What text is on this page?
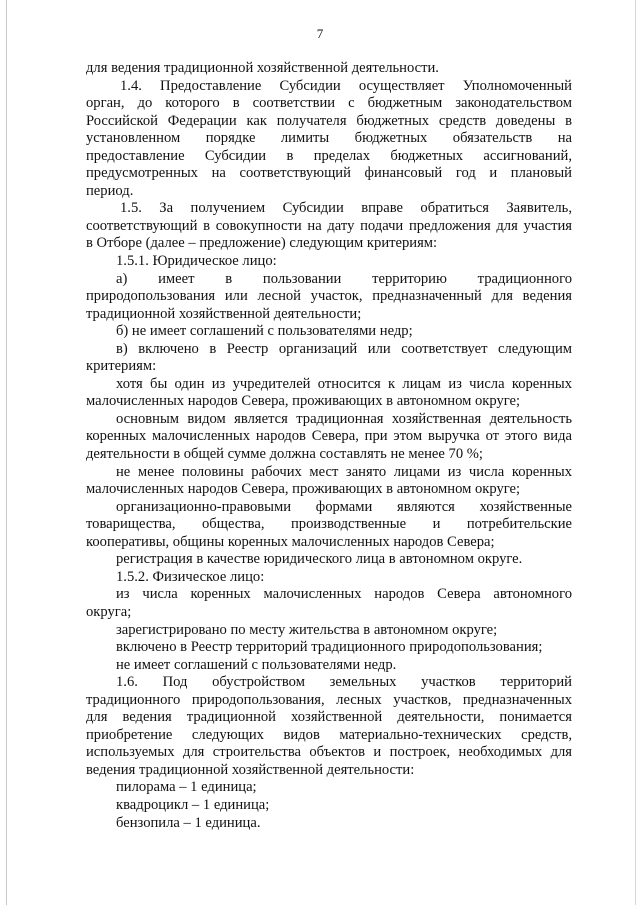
7

для ведения традиционной хозяйственной деятельности.

1.4. Предоставление Субсидии осуществляет Уполномоченный

орган, до которого в соответствии с бюджетным законодательством

Российской Федерации как получателя бюджетных средств доведены в

установленном порядке лимиты бюджетных обязательств на

предоставление Субсидии в пределах бюджетных ассигнований,

предусмотренных на соответствующий финансовый год и плановый

период.

1.5. За получением Субсидии вправе обратиться Заявитель,

соответствующий в совокупности на дату подачи предложения для участия

в Отборе (далее – предложение) следующим критериям:

1.5.1. Юридическое лицо:

а) имеет в пользовании территорию традиционного

природопользования или лесной участок, предназначенный для ведения

традиционной хозяйственной деятельности;

б) не имеет соглашений с пользователями недр;

в) включено в Реестр организаций или соответствует следующим

критериям:

хотя бы один из учредителей относится к лицам из числа коренных

малочисленных народов Севера, проживающих в автономном округе;

основным видом является традиционная хозяйственная деятельность

коренных малочисленных народов Севера, при этом выручка от этого вида

деятельности в общей сумме должна составлять не менее 70 %;

не менее половины рабочих мест занято лицами из числа коренных

малочисленных народов Севера, проживающих в автономном округе;

организационно-правовыми формами являются хозяйственные

товарищества, общества, производственные и потребительские

кооперативы, общины коренных малочисленных народов Севера;

регистрация в качестве юридического лица в автономном округе.

1.5.2. Физическое лицо:

из числа коренных малочисленных народов Севера автономного

округа;

зарегистрировано по месту жительства в автономном округе;

включено в Реестр территорий традиционного природопользования;

не имеет соглашений с пользователями недр.

1.6. Под обустройством земельных участков территорий

традиционного природопользования, лесных участков, предназначенных

для ведения традиционной хозяйственной деятельности, понимается

приобретение следующих видов материально-технических средств,

используемых для строительства объектов и построек, необходимых для

ведения традиционной хозяйственной деятельности:

пилорама – 1 единица;

квадроцикл – 1 единица;

бензопила – 1 единица.
